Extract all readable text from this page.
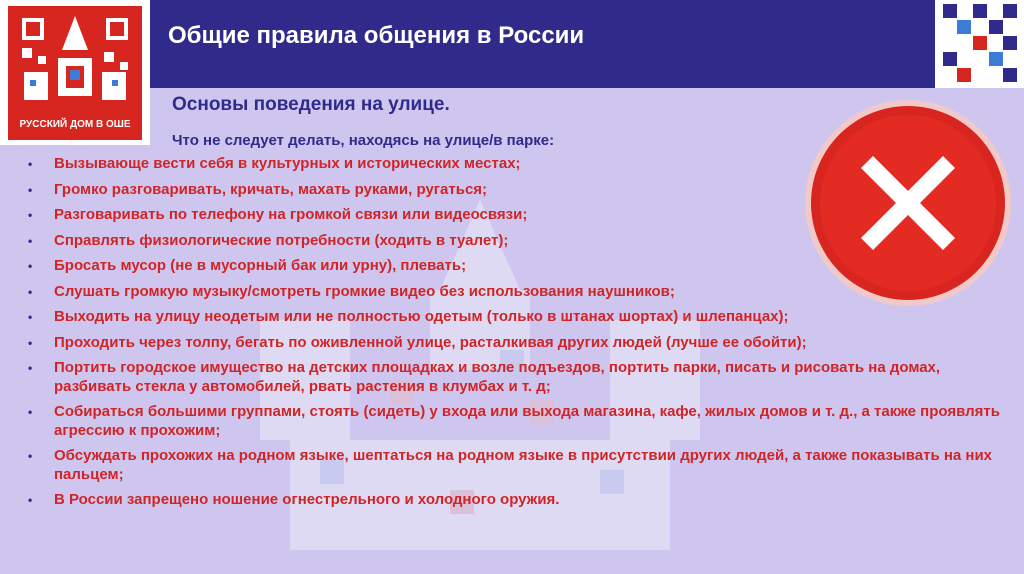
РУССКИЙ ДОМ В ОШЕ
Общие правила общения в России
Основы поведения на улице.
Что не следует делать, находясь на улице/в парке:
• Вызывающе вести себя в культурных и исторических местах;
• Громко разговаривать, кричать, махать руками, ругаться;
• Разговаривать по телефону на громкой связи или видеосвязи;
• Справлять физиологические потребности (ходить в туалет);
• Бросать мусор (не в мусорный бак или урну), плевать;
• Слушать громкую музыку/смотреть громкие видео без использования наушников;
• Выходить на улицу неодетым или не полностью одетым (только в штанах шортах) и шлепанцах);
• Проходить через толпу, бегать по оживленной улице, расталкивая других людей (лучше ее обойти);
• Портить городское имущество на детских площадках и возле подъездов, портить парки, писать и рисовать на домах, разбивать стекла у автомобилей, рвать растения в клумбах и т. д;
• Собираться большими группами, стоять (сидеть) у входа или выхода магазина, кафе, жилых домов и т. д., а также проявлять агрессию к прохожим;
• Обсуждать прохожих на родном языке, шептаться на родном языке в присутствии других людей, а также показывать на них пальцем;
• В России запрещено ношение огнестрельного и холодного оружия.
